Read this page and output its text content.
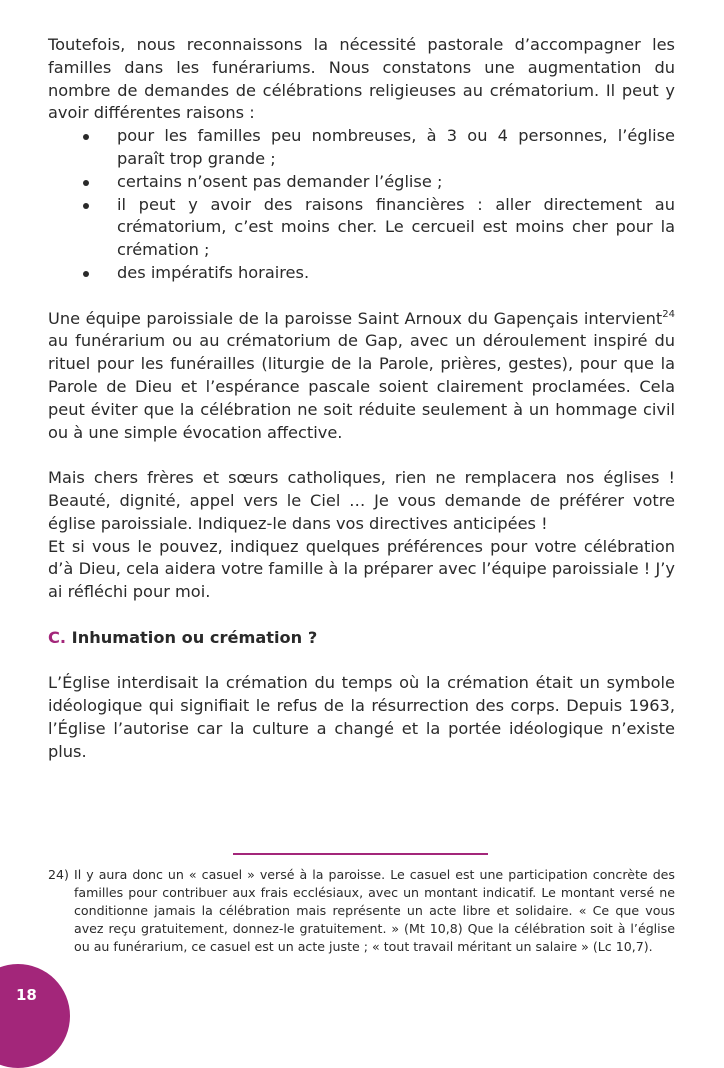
Toutefois, nous reconnaissons la nécessité pastorale d’accompagner les familles dans les funérariums. Nous constatons une augmentation du nombre de demandes de célébrations religieuses au crématorium. Il peut y avoir différentes raisons :

pour les familles peu nombreuses, à 3 ou 4 personnes, l’église paraît trop grande ;
certains n’osent pas demander l’église ;
il peut y avoir des raisons financières : aller directement au crématorium, c’est moins cher. Le cercueil est moins cher pour la crémation ;
des impératifs horaires.

Une équipe paroissiale de la paroisse Saint Arnoux du Gapençais intervient$^{24}$ au funérarium ou au crématorium de Gap, avec un déroulement inspiré du rituel pour les funérailles (liturgie de la Parole, prières, gestes), pour que la Parole de Dieu et l’espérance pascale soient clairement proclamées. Cela peut éviter que la célébration ne soit réduite seulement à un hommage civil ou à une simple évocation affective.

Mais chers frères et sœurs catholiques, rien ne remplacera nos églises ! Beauté, dignité, appel vers le Ciel … Je vous demande de préférer votre église paroissiale. Indiquez-le dans vos directives anticipées !

Et si vous le pouvez, indiquez quelques préférences pour votre célébration d’à Dieu, cela aidera votre famille à la préparer avec l’équipe paroissiale ! J’y ai réfléchi pour moi.

C. Inhumation ou crémation ?

L’Église interdisait la crémation du temps où la crémation était un symbole idéologique qui signifiait le refus de la résurrection des corps. Depuis 1963, l’Église l’autorise car la culture a changé et la portée idéologique n’existe plus.

24) Il y aura donc un « casuel » versé à la paroisse. Le casuel est une participation concrète des familles pour contribuer aux frais ecclésiaux, avec un montant indicatif. Le montant versé ne conditionne jamais la célébration mais représente un acte libre et solidaire. « Ce que vous avez reçu gratuitement, donnez-le gratuitement. » (Mt 10,8) Que la célébration soit à l’église ou au funérarium, ce casuel est un acte juste ; « tout travail méritant un salaire » (Lc 10,7).
18
